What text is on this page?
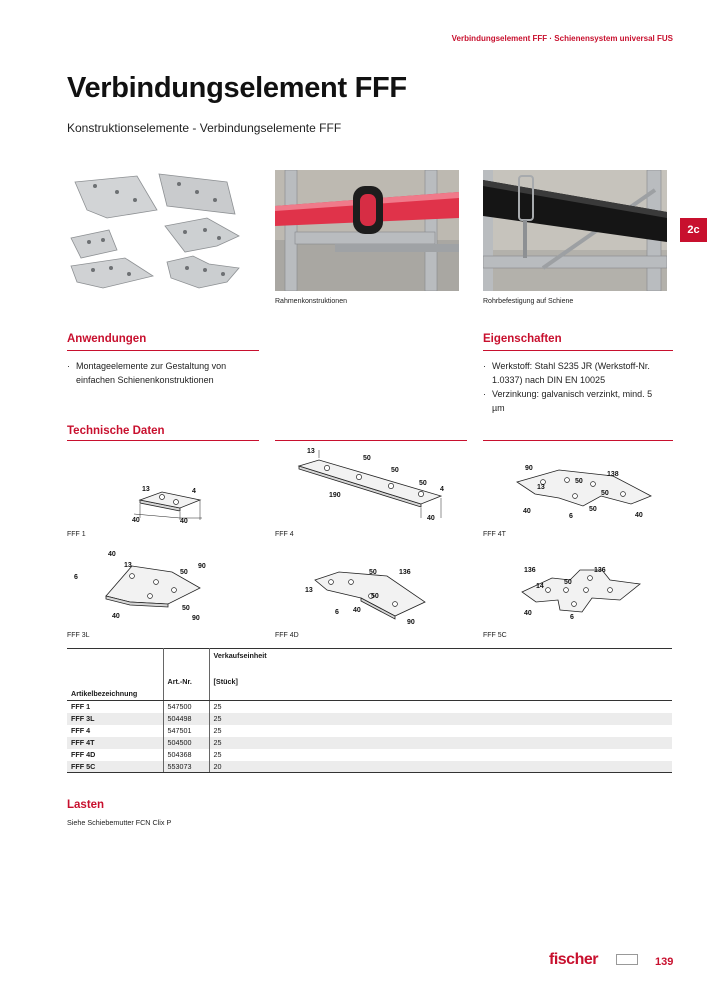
Verbindungselement FFF · Schienensystem universal FUS
Verbindungselement FFF
Konstruktionselemente - Verbindungselemente FFF
2c
Rahmenkonstruktionen	Rohrbefestigung auf Schiene
Anwendungen
· Montageelemente zur Gestaltung von einfachen Schienenkonstruktionen
Eigenschaften
· Werkstoff: Stahl S235 JR (Werkstoff-Nr. 1.0337) nach DIN EN 10025
· Verzinkung: galvanisch verzinkt, mind. 5 µm
Technische Daten
13	4
40	40
FFF 1
13
50
50
50
190
4
40
FFF 4
90
138
13
50
50
40
6
50
40
FFF 4T
40
13	90
6
50
50
40	90
FFF 3L
50	136
13
50
6 40
90
FFF 4D
136	136
14
50
40
6
FFF 5C
		Verkaufseinheit
Artikelbezeichnung	Art.-Nr.	[Stück]
FFF 1	547500	25
FFF 3L	504498	25
FFF 4	547501	25
FFF 4T	504500	25
FFF 4D	504368	25
FFF 5C	553073	20
Lasten
Siehe Schiebemutter FCN Clix P
fischer	139
